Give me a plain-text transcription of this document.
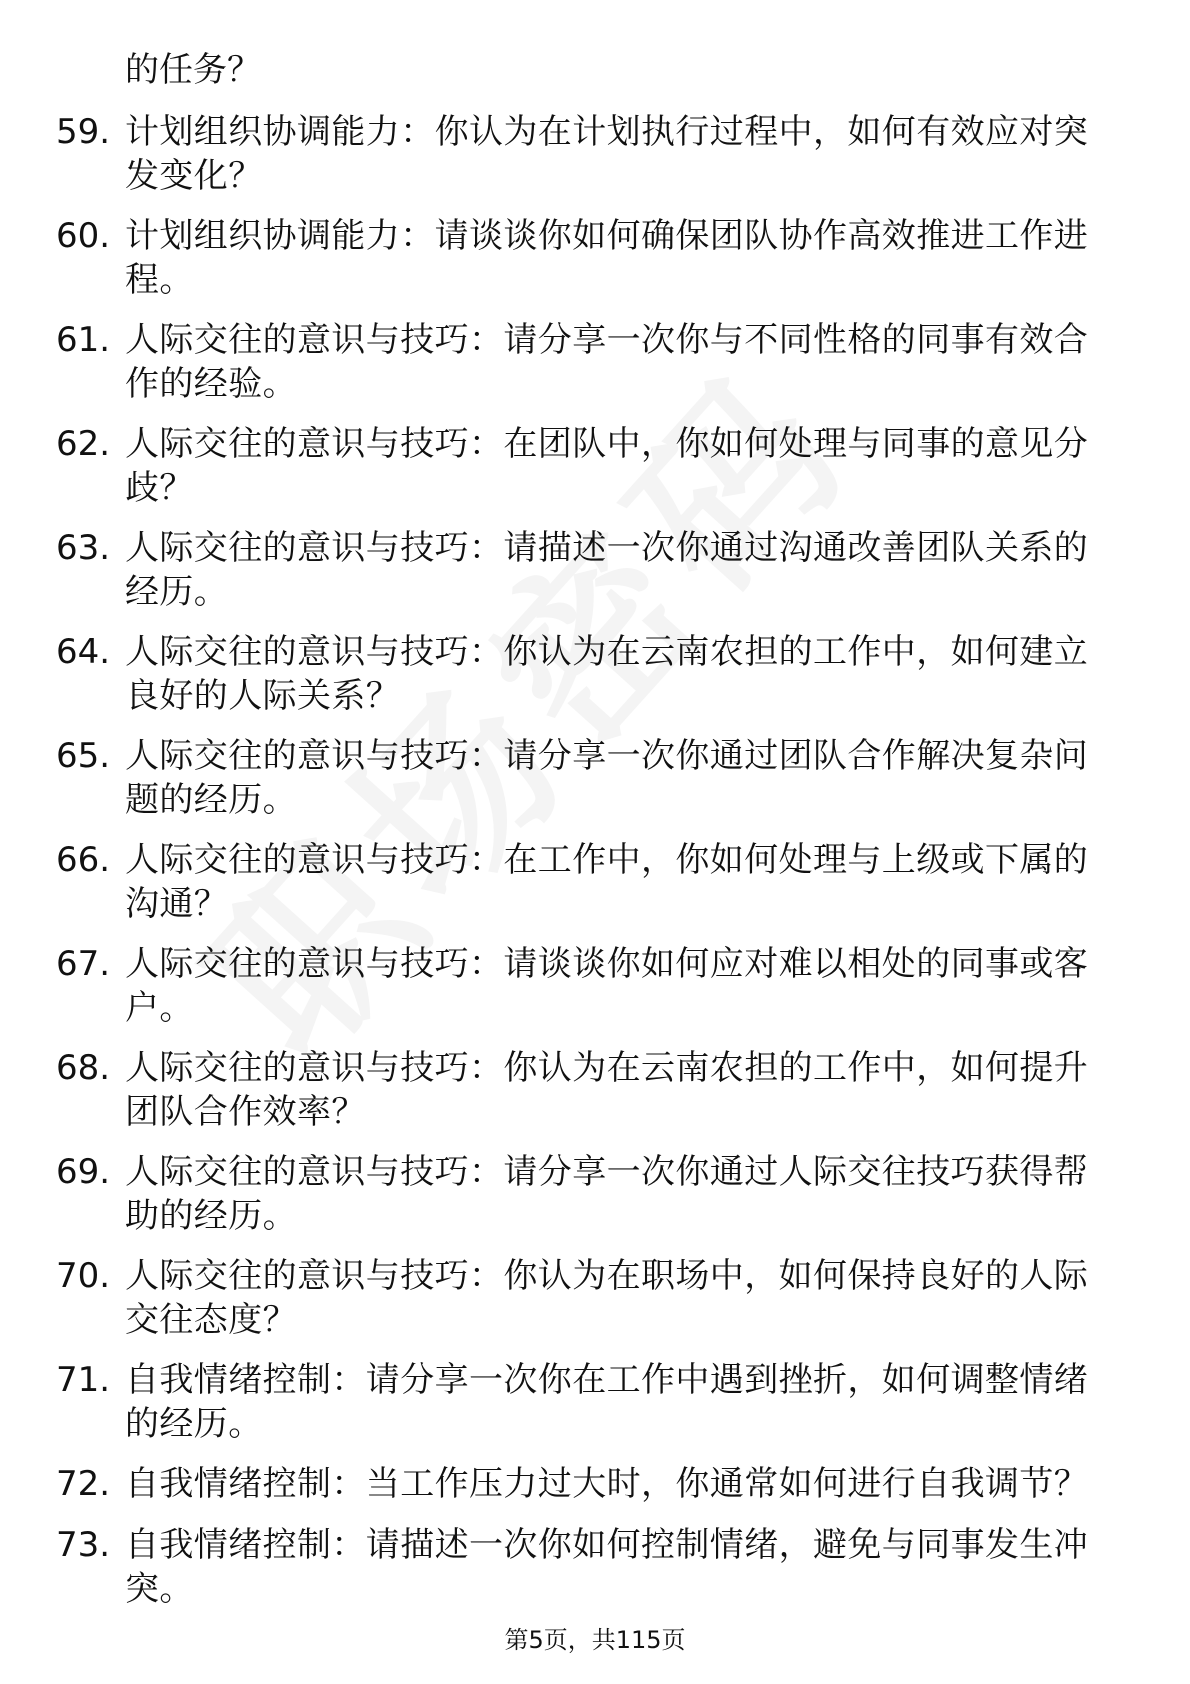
的任务？
59. 计划组织协调能力：你认为在计划执行过程中，如何有效应对突发变化？
60. 计划组织协调能力：请谈谈你如何确保团队协作高效推进工作进程。
61. 人际交往的意识与技巧：请分享一次你与不同性格的同事有效合作的经验。
62. 人际交往的意识与技巧：在团队中，你如何处理与同事的意见分歧？
63. 人际交往的意识与技巧：请描述一次你通过沟通改善团队关系的经历。
64. 人际交往的意识与技巧：你认为在云南农担的工作中，如何建立良好的人际关系？
65. 人际交往的意识与技巧：请分享一次你通过团队合作解决复杂问题的经历。
66. 人际交往的意识与技巧：在工作中，你如何处理与上级或下属的沟通？
67. 人际交往的意识与技巧：请谈谈你如何应对难以相处的同事或客户。
68. 人际交往的意识与技巧：你认为在云南农担的工作中，如何提升团队合作效率？
69. 人际交往的意识与技巧：请分享一次你通过人际交往技巧获得帮助的经历。
70. 人际交往的意识与技巧：你认为在职场中，如何保持良好的人际交往态度？
71. 自我情绪控制：请分享一次你在工作中遇到挫折，如何调整情绪的经历。
72. 自我情绪控制：当工作压力过大时，你通常如何进行自我调节？
73. 自我情绪控制：请描述一次你如何控制情绪，避免与同事发生冲突。
第5页，共115页
